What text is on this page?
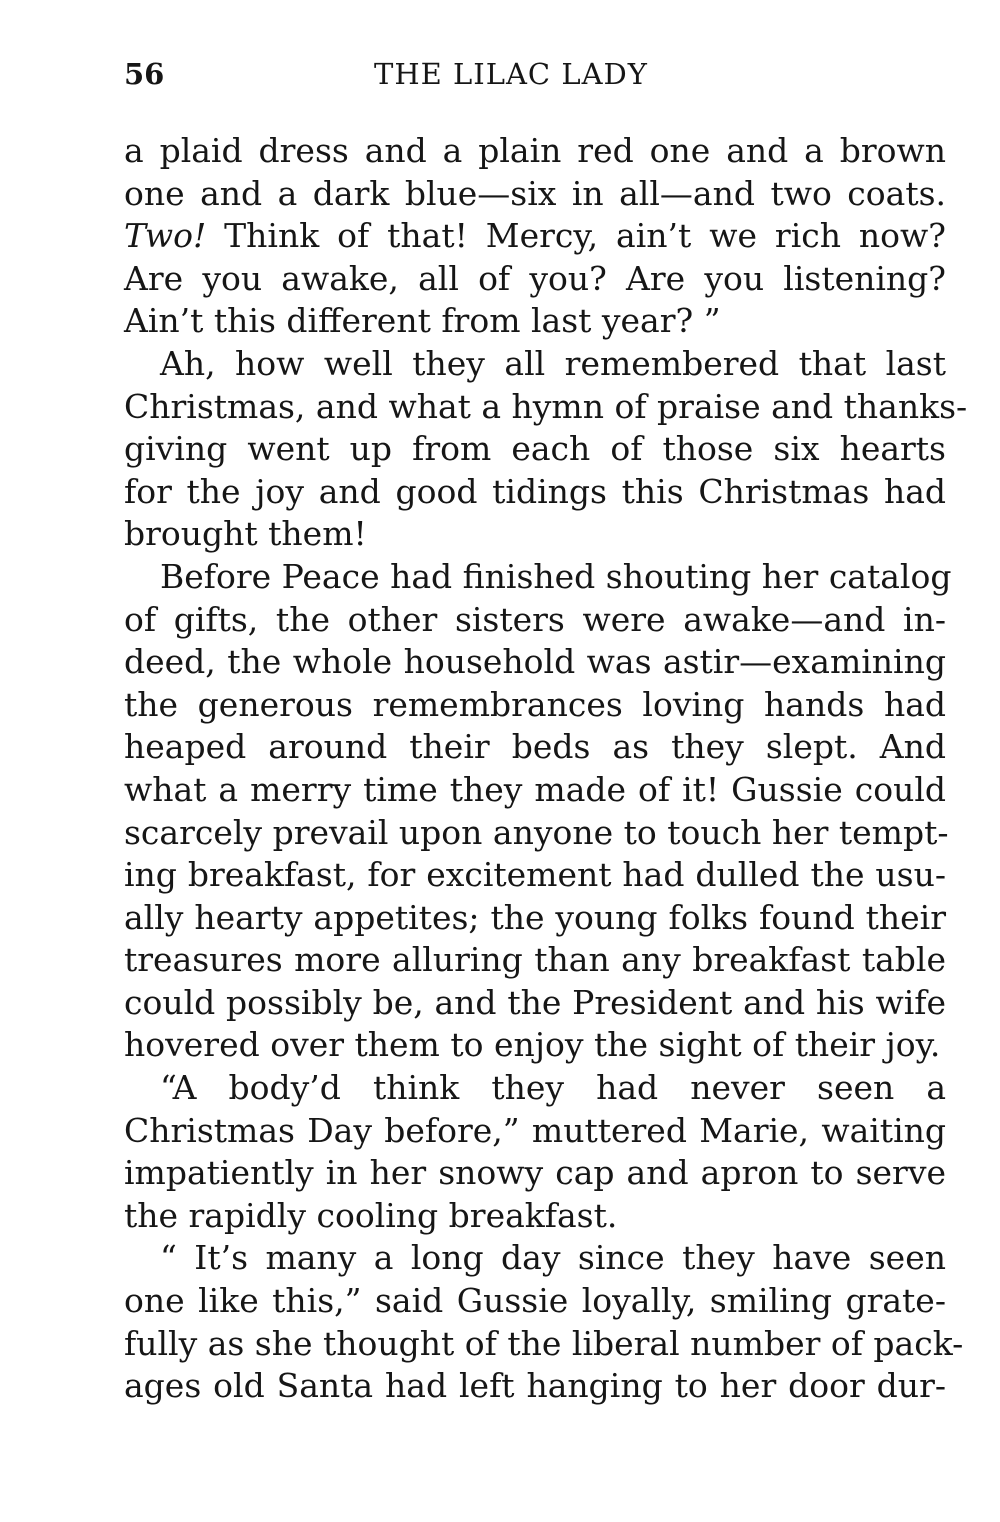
56	THE LILAC LADY
a plaid dress and a plain red one and a brown
one and a dark blue—six in all—and two coats.
Two! Think of that! Mercy, ain’t we rich now?
Are you awake, all of you? Are you listening?
Ain’t this different from last year? ”
Ah, how well they all remembered that last
Christmas, and what a hymn of praise and thanks-
giving went up from each of those six hearts
for the joy and good tidings this Christmas had
brought them!
Before Peace had finished shouting her catalog
of gifts, the other sisters were awake—and in-
deed, the whole household was astir—examining
the generous remembrances loving hands had
heaped around their beds as they slept. And
what a merry time they made of it! Gussie could
scarcely prevail upon anyone to touch her tempt-
ing breakfast, for excitement had dulled the usu-
ally hearty appetites; the young folks found their
treasures more alluring than any breakfast table
could possibly be, and the President and his wife
hovered over them to enjoy the sight of their joy.
“A body’d think they had never seen a
Christmas Day before,” muttered Marie, waiting
impatiently in her snowy cap and apron to serve
the rapidly cooling breakfast.
“ It’s many a long day since they have seen
one like this,” said Gussie loyally, smiling grate-
fully as she thought of the liberal number of pack-
ages old Santa had left hanging to her door dur-
